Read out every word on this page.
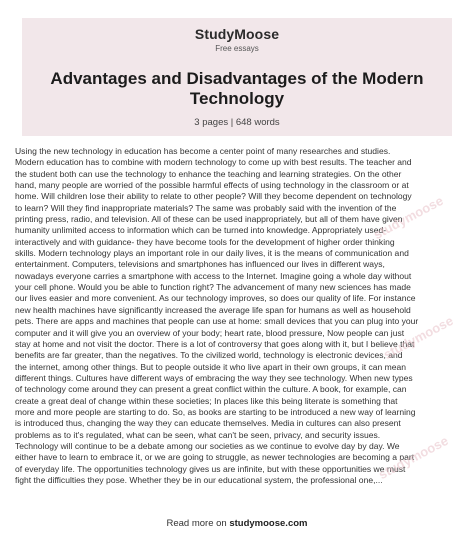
StudyMoose
Free essays
Advantages and Disadvantages of the Modern Technology
3 pages | 648 words
Using the new technology in education has become a center point of many researches and studies.
Modern education has to combine with modern technology to come up with best results. The teacher and
the student both can use the technology to enhance the teaching and learning strategies. On the other
hand, many people are worried of the possible harmful effects of using technology in the classroom or at
home. Will children lose their ability to relate to other people? Will they become dependent on technology
to learn? Will they find inappropriate materials? The same was probably said with the invention of the
printing press, radio, and television. All of these can be used inappropriately, but all of them have given
humanity unlimited access to information which can be turned into knowledge. Appropriately used-
interactively and with guidance- they have become tools for the development of higher order thinking
skills. Modern technology plays an important role in our daily lives, it is the means of communication and
entertainment. Computers, televisions and smartphones has influenced our lives in different ways,
nowadays everyone carries a smartphone with access to the Internet. Imagine going a whole day without
your cell phone. Would you be able to function right? The advancement of many new sciences has made
our lives easier and more convenient. As our technology improves, so does our quality of life. For instance
new health machines have significantly increased the average life span for humans as well as household
pets. There are apps and machines that people can use at home: small devices that you can plug into your
computer and it will give you an overview of your body; heart rate, blood pressure, Now people can just
stay at home and not visit the doctor. There is a lot of controversy that goes along with it, but I believe that
benefits are far greater, than the negatives. To the civilized world, technology is electronic devices, and
the internet, among other things. But to people outside it who live apart in their own groups, it can mean
different things. Cultures have different ways of embracing the way they see technology. When new types
of technology come around they can present a great conflict within the culture. A book, for example, can
create a great deal of change within these societies; In places like this being literate is something that
more and more people are starting to do. So, as books are starting to be introduced a new way of learning
is introduced thus, changing the way they can educate themselves. Media in cultures can also present
problems as to it's regulated, what can be seen, what can't be seen, privacy, and security issues.
Technology will continue to be a debate among our societies as we continue to evolve day by day. We
either have to learn to embrace it, or we are going to struggle, as newer technologies are becoming a part
of everyday life. The opportunities technology gives us are infinite, but with these opportunities we must
fight the difficulties they pose. Whether they be in our educational system, the professional one,...
studymoose
studymoose
studymoose
Read more on studymoose.com
